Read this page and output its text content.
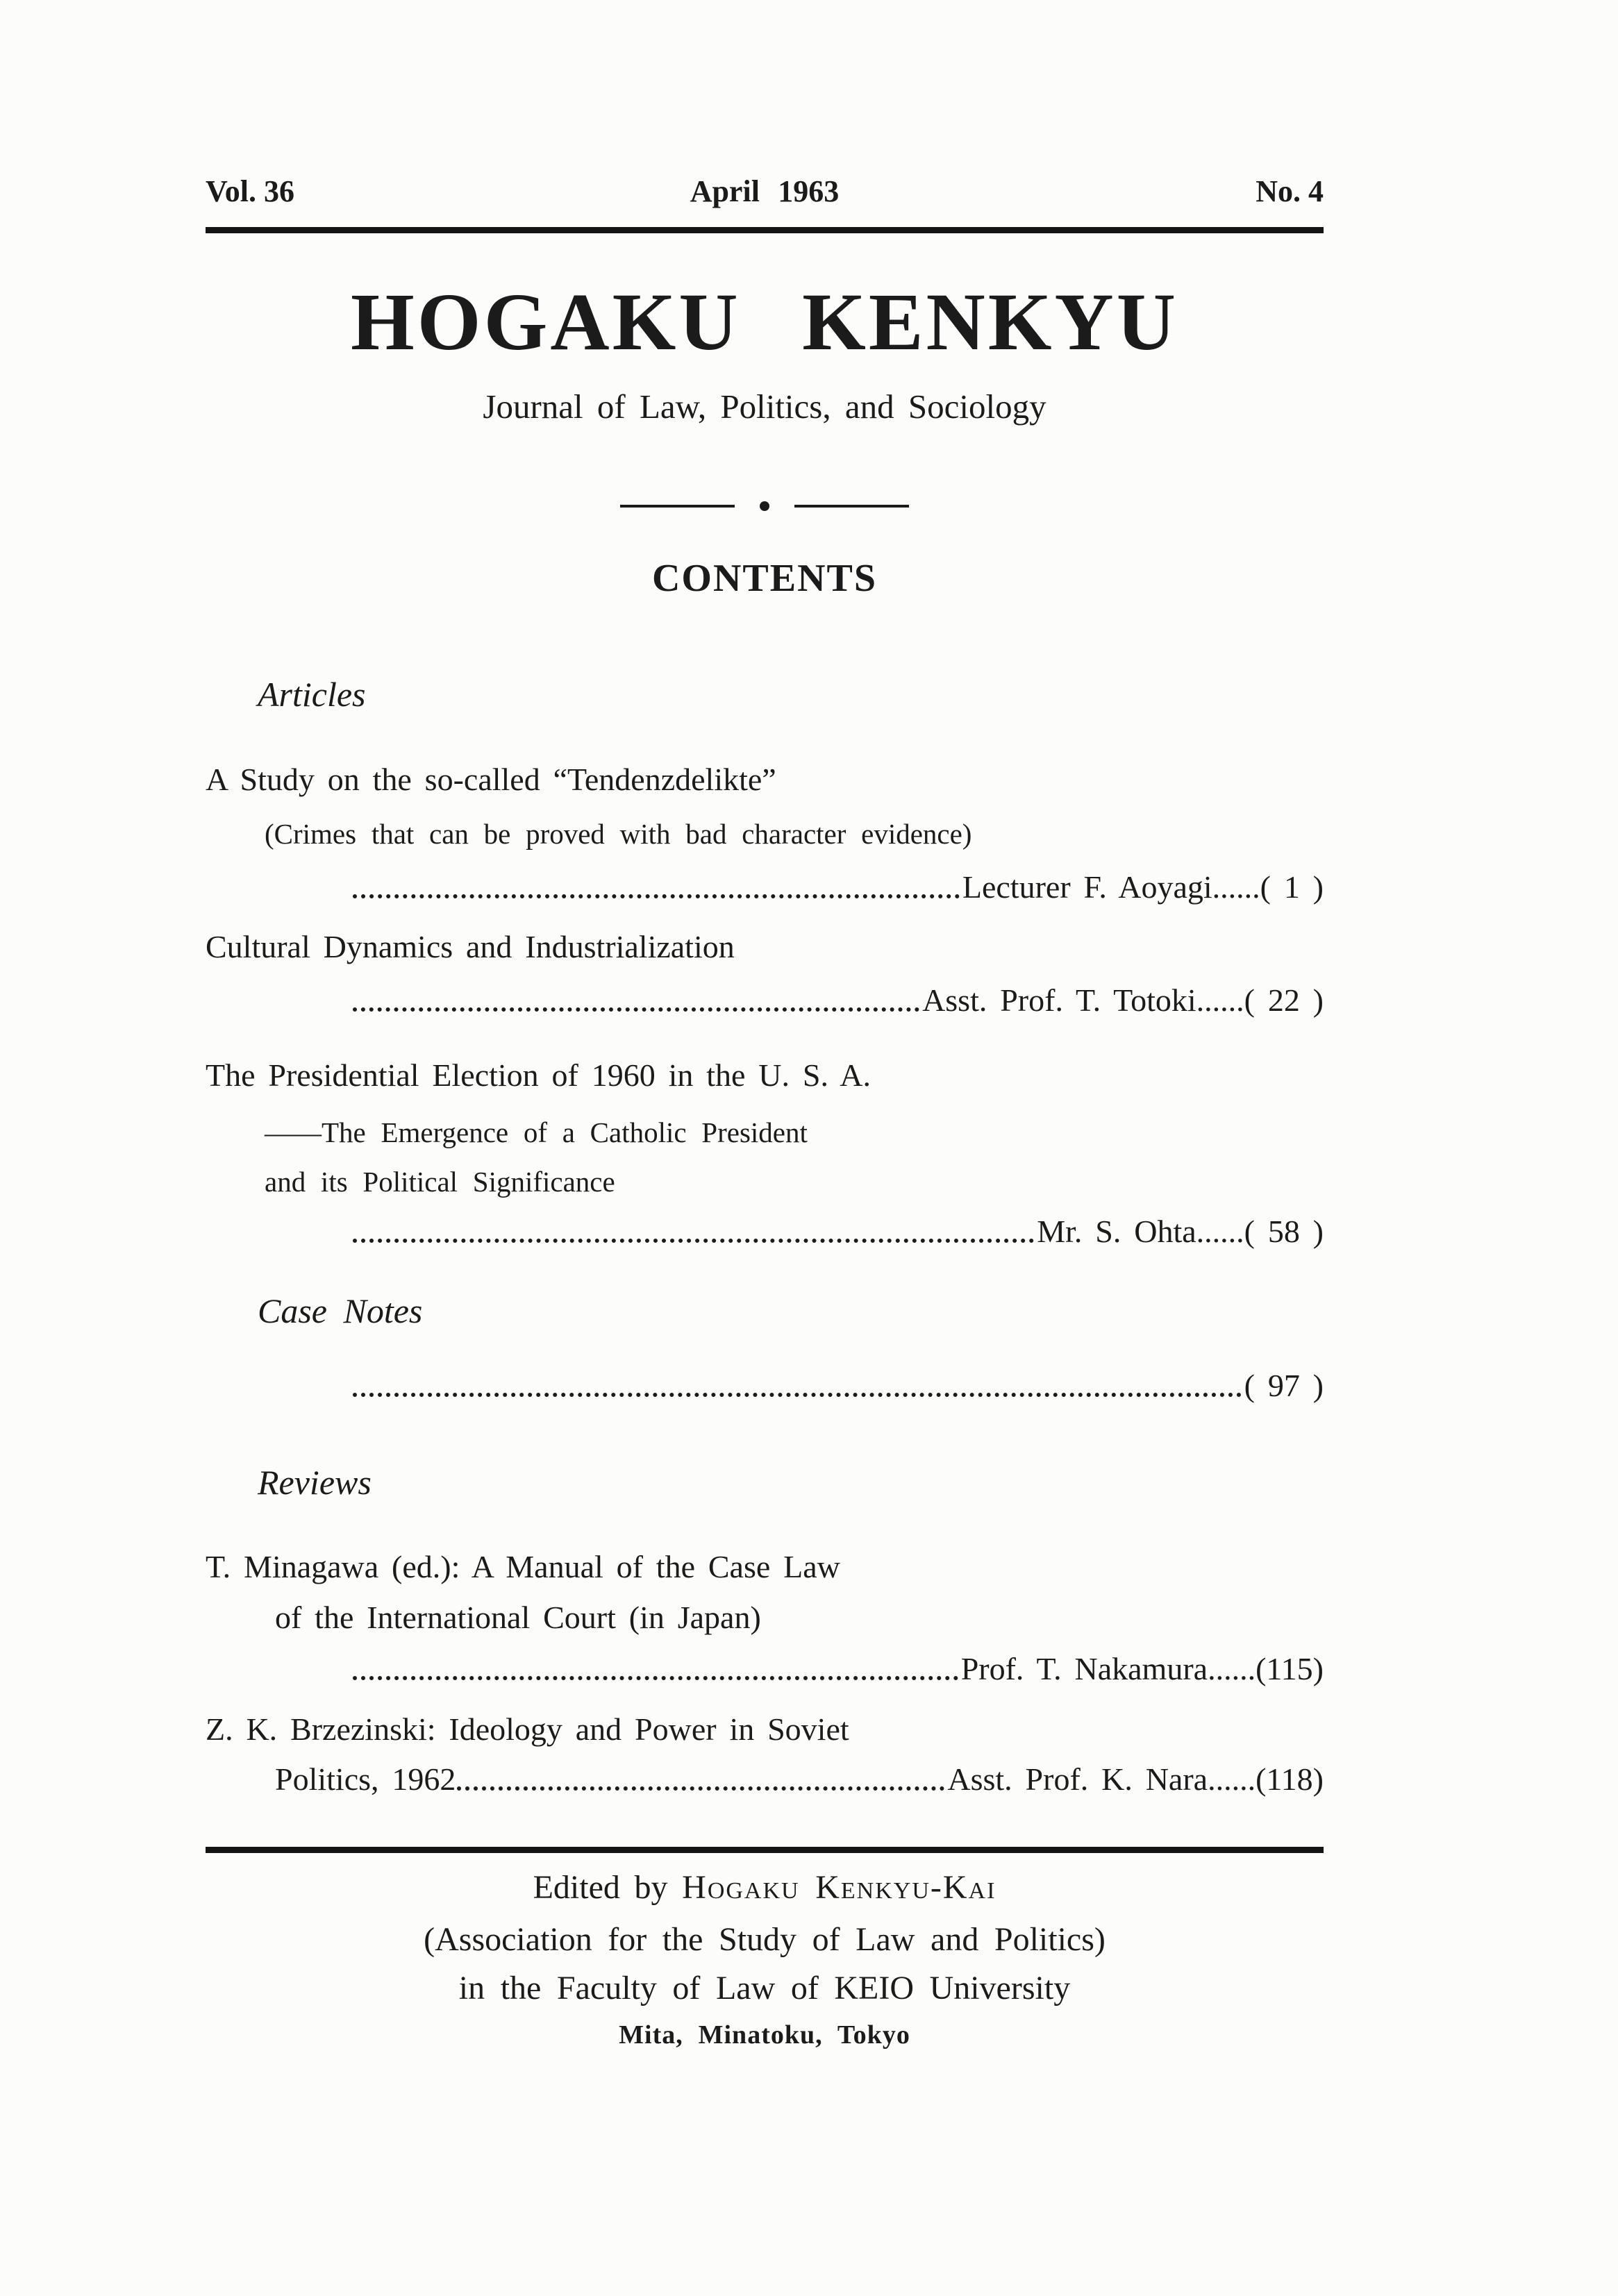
Vol. 36	April 1963	No. 4
HOGAKU KENKYU
Journal of Law, Politics, and Sociology
CONTENTS
Articles
A Study on the so-called “Tendenzdelikte”
(Crimes that can be proved with bad character evidence)
Lecturer F. Aoyagi......( 1 )
Cultural Dynamics and Industrialization
Asst. Prof. T. Totoki......( 22 )
The Presidential Election of 1960 in the U. S. A.
——The Emergence of a Catholic President
and its Political Significance
Mr. S. Ohta......( 58 )
Case Notes
( 97 )
Reviews
T. Minagawa (ed.): A Manual of the Case Law
of the International Court (in Japan)
Prof. T. Nakamura......(115)
Z. K. Brzezinski: Ideology and Power in Soviet
Politics, 1962	Asst. Prof. K. Nara......(118)
Edited by Hogaku Kenkyu-Kai
(Association for the Study of Law and Politics)
in the Faculty of Law of KEIO University
Mita, Minatoku, Tokyo
